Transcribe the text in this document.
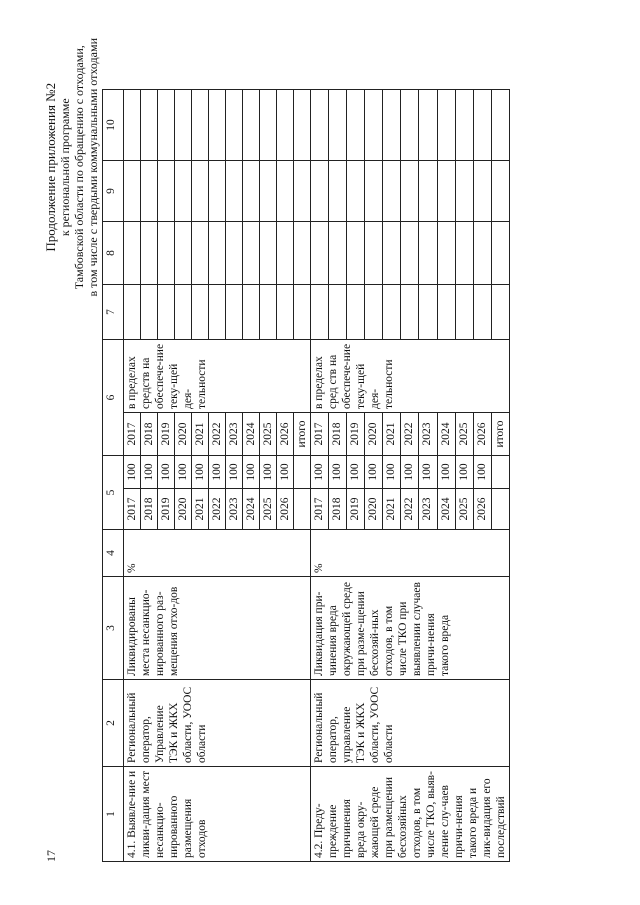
17
Продолжение приложения №2 к региональной программе Тамбовской области по обращению с отходами, в том числе с твердыми коммунальными отходами
1	2	3	4	5		6		7	8	9	10
4.1. Выявле-ние и ликви-дация мест несанкцио-нированного размещения отходов	Региональный оператор, Управление ТЭК и ЖКХ области, УООС области	Ликвидированы места несанкцио-нированного раз-мещения отхо-дов	%	2017	100	2017	в пределах средств на обеспече-ние теку-щей дея-тельности				
				2018	100	2018					
				2019	100	2019					
				2020	100	2020					
				2021	100	2021					
				2022	100	2022					
				2023	100	2023					
				2024	100	2024					
				2025	100	2025					
				2026	100	2026					
						итого					
4.2. Преду-преждение причинения вреда окру-жающей среде при размещении бесхозяйных отходов, в том числе ТКО, выяв-ление слу-чаев причи-нения такого вреда и лик-видация его последствий	Региональный оператор, управление ТЭК и ЖКХ области, УООС области	Ликвидация при-чинения вреда окружающей среде при разме-щении бесхозяй-ных отходов, в том числе ТКО при выявлении случаев причи-нения такого вреда	%	2017	100	2017	в пределах сред ств на обеспече-ние теку-щей дея-тельности				
				2018	100	2018					
				2019	100	2019					
				2020	100	2020					
				2021	100	2021					
				2022	100	2022					
				2023	100	2023					
				2024	100	2024					
				2025	100	2025					
				2026	100	2026					
						итого					
